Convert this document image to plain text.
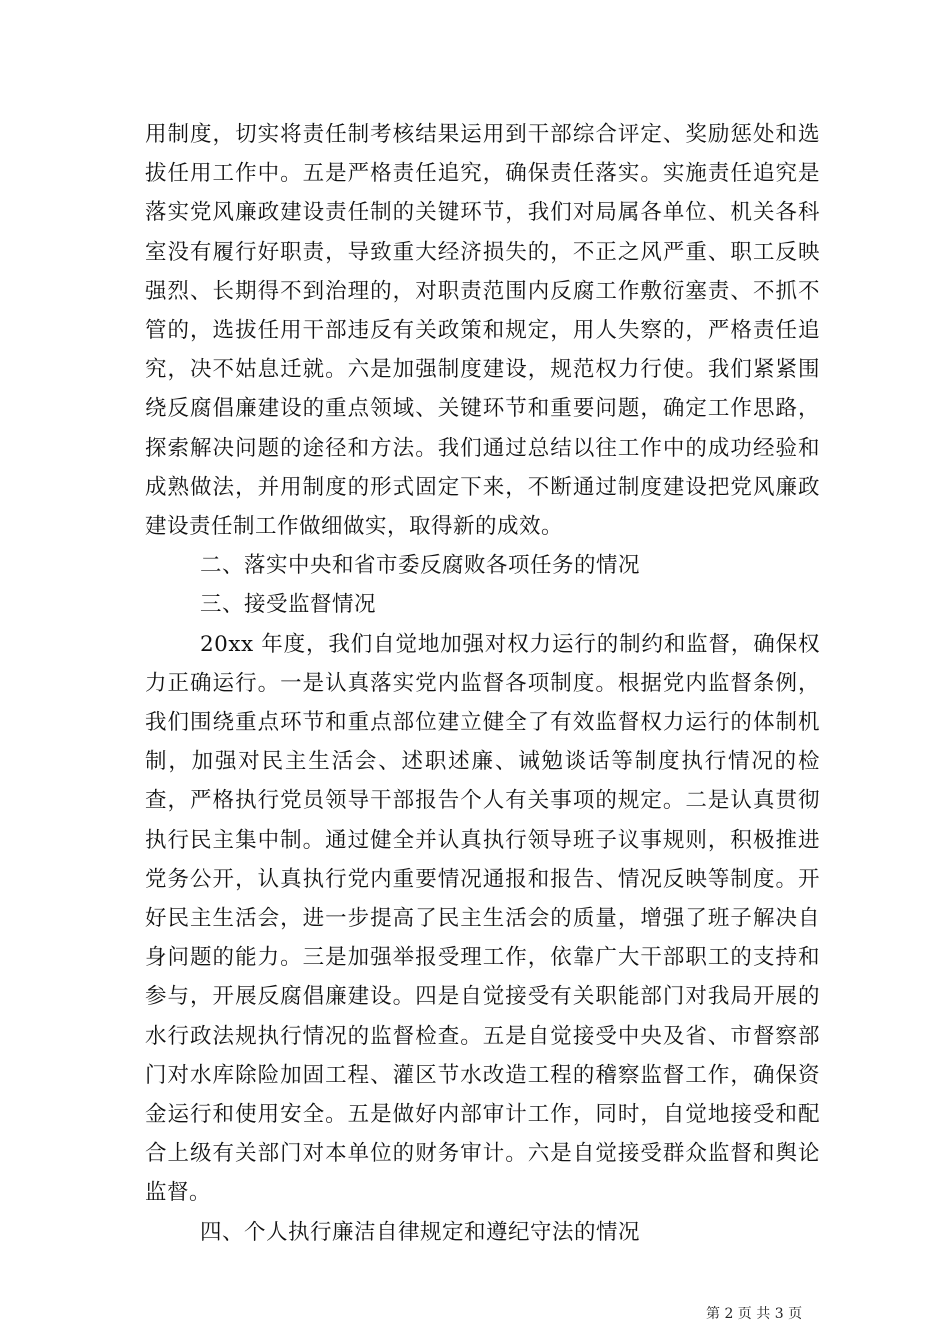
用制度，切实将责任制考核结果运用到干部综合评定、奖励惩处和选拔任用工作中。五是严格责任追究，确保责任落实。实施责任追究是落实党风廉政建设责任制的关键环节，我们对局属各单位、机关各科室没有履行好职责，导致重大经济损失的，不正之风严重、职工反映强烈、长期得不到治理的，对职责范围内反腐工作敷衍塞责、不抓不管的，选拔任用干部违反有关政策和规定，用人失察的，严格责任追究，决不姑息迁就。六是加强制度建设，规范权力行使。我们紧紧围绕反腐倡廉建设的重点领域、关键环节和重要问题，确定工作思路，探索解决问题的途径和方法。我们通过总结以往工作中的成功经验和成熟做法，并用制度的形式固定下来，不断通过制度建设把党风廉政建设责任制工作做细做实，取得新的成效。

二、落实中央和省市委反腐败各项任务的情况

三、接受监督情况

20xx 年度，我们自觉地加强对权力运行的制约和监督，确保权力正确运行。一是认真落实党内监督各项制度。根据党内监督条例，我们围绕重点环节和重点部位建立健全了有效监督权力运行的体制机制，加强对民主生活会、述职述廉、诫勉谈话等制度执行情况的检查，严格执行党员领导干部报告个人有关事项的规定。二是认真贯彻执行民主集中制。通过健全并认真执行领导班子议事规则，积极推进党务公开，认真执行党内重要情况通报和报告、情况反映等制度。开好民主生活会，进一步提高了民主生活会的质量，增强了班子解决自身问题的能力。三是加强举报受理工作，依靠广大干部职工的支持和参与，开展反腐倡廉建设。四是自觉接受有关职能部门对我局开展的水行政法规执行情况的监督检查。五是自觉接受中央及省、市督察部门对水库除险加固工程、灌区节水改造工程的稽察监督工作，确保资金运行和使用安全。五是做好内部审计工作，同时，自觉地接受和配合上级有关部门对本单位的财务审计。六是自觉接受群众监督和舆论监督。

四、个人执行廉洁自律规定和遵纪守法的情况

第 2 页 共 3 页
